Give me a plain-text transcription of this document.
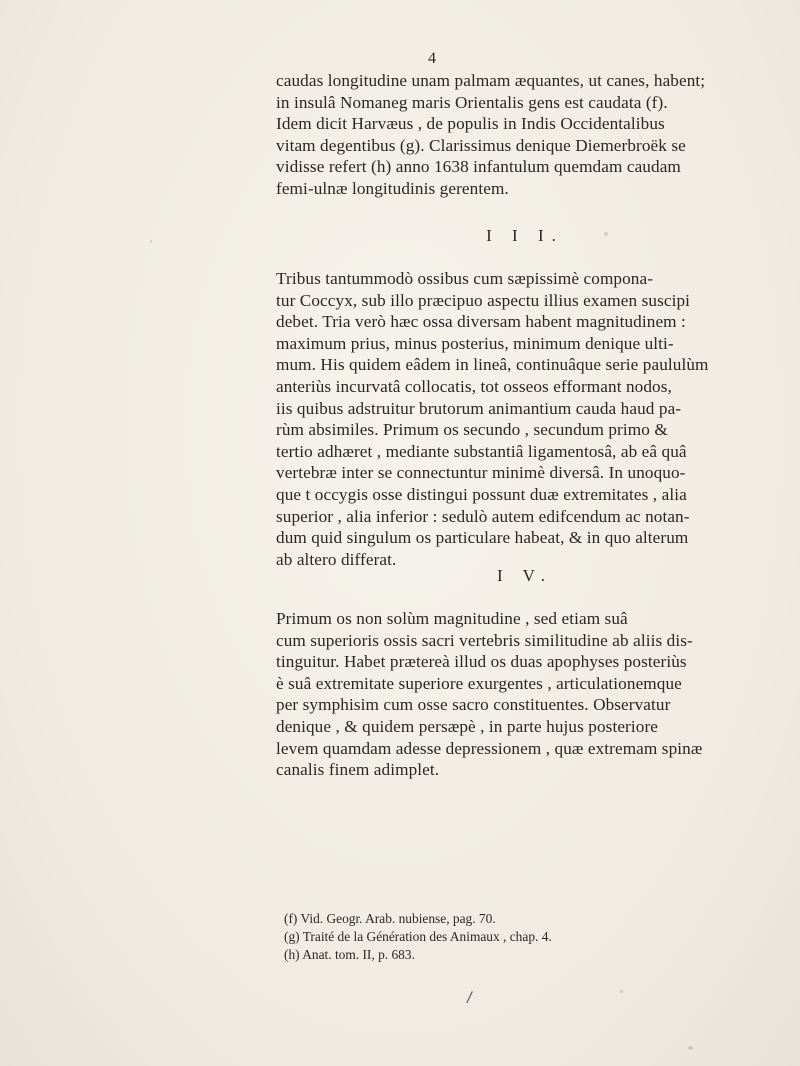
4
caudas longitudine unam palmam æquantes, ut canes, habent;
in insulâ Nomaneg maris Orientalis gens est caudata (f).
Idem dicit Harvæus , de populis in Indis Occidentalibus
vitam degentibus (g). Clarissimus denique Diemerbroëk se
vidisse refert (h) anno 1638 infantulum quemdam caudam
femi-ulnæ longitudinis gerentem.
I I I.
Tribus tantummodò ossibus cum sæpissimè compona-
tur Coccyx, sub illo præcipuo aspectu illius examen suscipi
debet. Tria verò hæc ossa diversam habent magnitudinem :
maximum prius, minus posterius, minimum denique ulti-
mum. His quidem eâdem in lineâ, continuâque serie paululùm
anteriùs incurvatâ collocatis, tot osseos efformant nodos,
iis quibus adstruitur brutorum animantium cauda haud pa-
rùm absimiles. Primum os secundo , secundum primo &
tertio adhæret , mediante substantiâ ligamentosâ, ab eâ quâ
vertebræ inter se connectuntur minimè diversâ. In unoquo-
que t occygis osse distingui possunt duæ extremitates , alia
superior , alia inferior : sedulò autem edifcendum ac notan-
dum quid singulum os particulare habeat, & in quo alterum
ab altero differat.
I V.
Primum os non solùm magnitudine , sed etiam suâ
cum superioris ossis sacri vertebris similitudine ab aliis dis-
tinguitur. Habet prætereà illud os duas apophyses posteriùs
è suâ extremitate superiore exurgentes , articulationemque
per symphisim cum osse sacro constituentes. Observatur
denique , & quidem persæpè , in parte hujus posteriore
levem quamdam adesse depressionem , quæ extremam spinæ
canalis finem adimplet.
(f) Vid. Geogr. Arab. nubiense, pag. 70.
(g) Traité de la Génération des Animaux , chap. 4.
(h) Anat. tom. II, p. 683.
/
